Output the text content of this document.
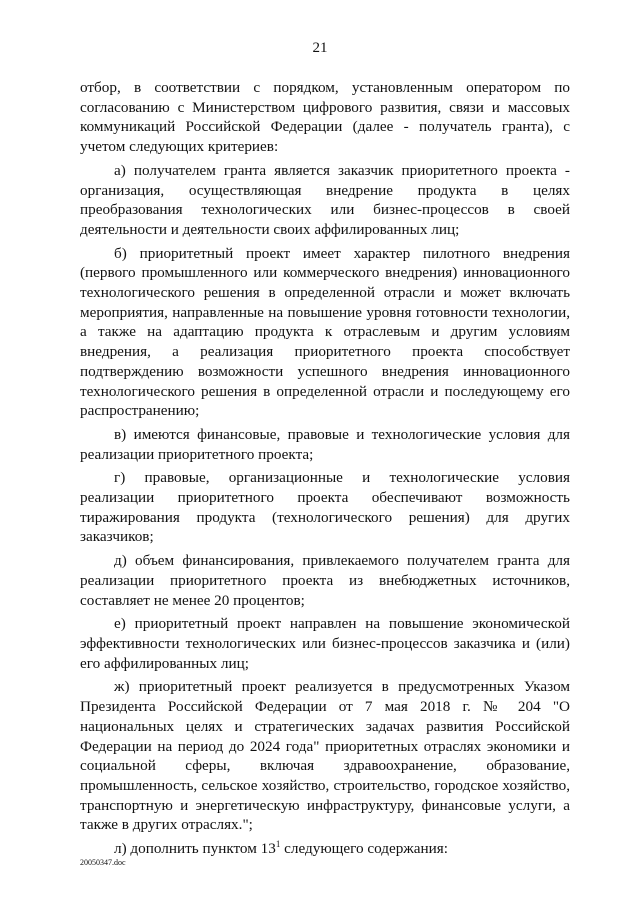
21

отбор, в соответствии с порядком, установленным оператором по согласованию с Министерством цифрового развития, связи и массовых коммуникаций Российской Федерации (далее - получатель гранта), с учетом следующих критериев:

а) получателем гранта является заказчик приоритетного проекта - организация, осуществляющая внедрение продукта в целях преобразования технологических или бизнес-процессов в своей деятельности и деятельности своих аффилированных лиц;

б) приоритетный проект имеет характер пилотного внедрения (первого промышленного или коммерческого внедрения) инновационного технологического решения в определенной отрасли и может включать мероприятия, направленные на повышение уровня готовности технологии, а также на адаптацию продукта к отраслевым и другим условиям внедрения, а реализация приоритетного проекта способствует подтверждению возможности успешного внедрения инновационного технологического решения в определенной отрасли и последующему его распространению;

в) имеются финансовые, правовые и технологические условия для реализации приоритетного проекта;

г) правовые, организационные и технологические условия реализации приоритетного проекта обеспечивают возможность тиражирования продукта (технологического решения) для других заказчиков;

д) объем финансирования, привлекаемого получателем гранта для реализации приоритетного проекта из внебюджетных источников, составляет не менее 20 процентов;

е) приоритетный проект направлен на повышение экономической эффективности технологических или бизнес-процессов заказчика и (или) его аффилированных лиц;

ж) приоритетный проект реализуется в предусмотренных Указом Президента Российской Федерации от 7 мая 2018 г. № 204 "О национальных целях и стратегических задачах развития Российской Федерации на период до 2024 года" приоритетных отраслях экономики и социальной сферы, включая здравоохранение, образование, промышленность, сельское хозяйство, строительство, городское хозяйство, транспортную и энергетическую инфраструктуру, финансовые услуги, а также в других отраслях.";

л) дополнить пунктом $13^1$ следующего содержания:

20050347.doc
